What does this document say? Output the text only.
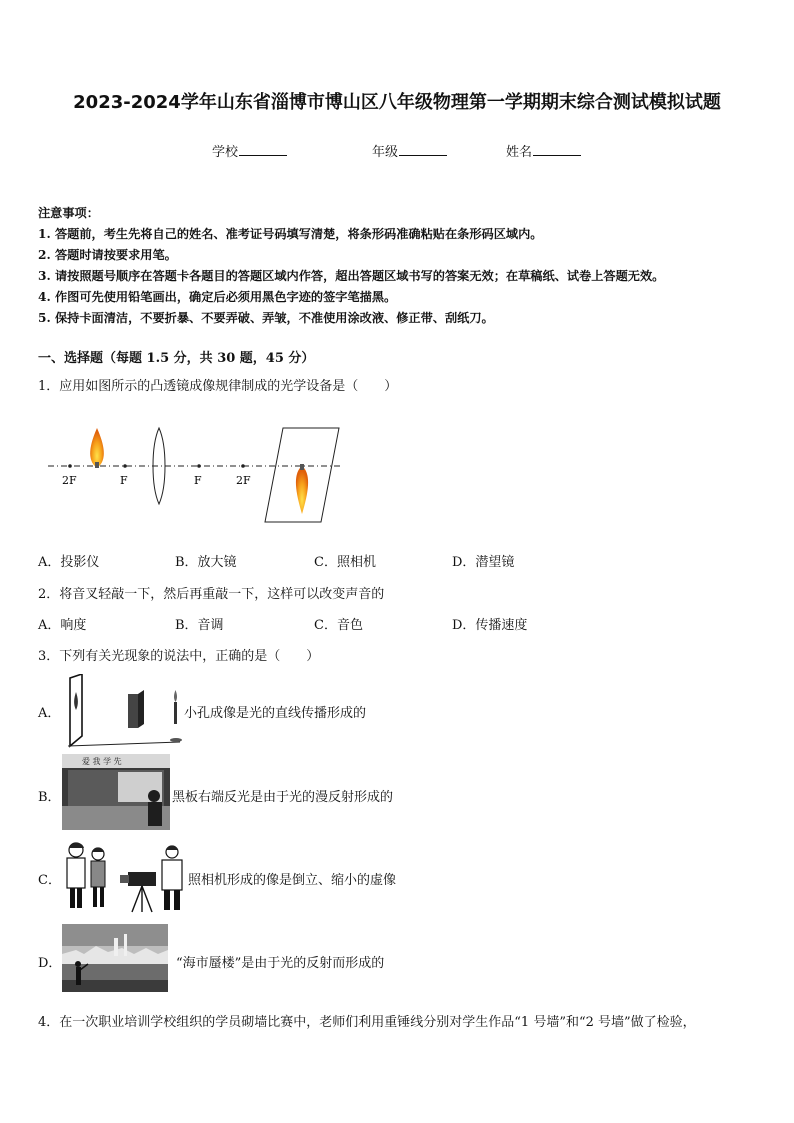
2023-2024学年山东省淄博市博山区八年级物理第一学期期末综合测试模拟试题
学校	年级	姓名
注意事项：
1. 答题前，考生先将自己的姓名、准考证号码填写清楚，将条形码准确粘贴在条形码区域内。
2. 答题时请按要求用笔。
3. 请按照题号顺序在答题卡各题目的答题区域内作答，超出答题区域书写的答案无效；在草稿纸、试卷上答题无效。
4. 作图可先使用铅笔画出，确定后必须用黑色字迹的签字笔描黑。
5. 保持卡面清洁，不要折暴、不要弄破、弄皱，不准使用涂改液、修正带、刮纸刀。
一、选择题（每题 1.5 分，共 30 题，45 分）
1．应用如图所示的凸透镜成像规律制成的光学设备是（　　）
2F	F	F	2F
A．投影仪	B．放大镜	C．照相机	D．潜望镜
2．将音叉轻敲一下，然后再重敲一下，这样可以改变声音的
A．响度	B．音调	C．音色	D．传播速度
3．下列有关光现象的说法中，正确的是（　　）
A．	小孔成像是光的直线传播形成的
B．
爱 我 学 先
黑板右端反光是由于光的漫反射形成的
C．	照相机形成的像是倒立、缩小的虚像
D．	“海市蜃楼”是由于光的反射而形成的
4．在一次职业培训学校组织的学员砌墙比赛中，老师们利用重锤线分别对学生作品“1 号墙”和“2 号墙”做了检验，
